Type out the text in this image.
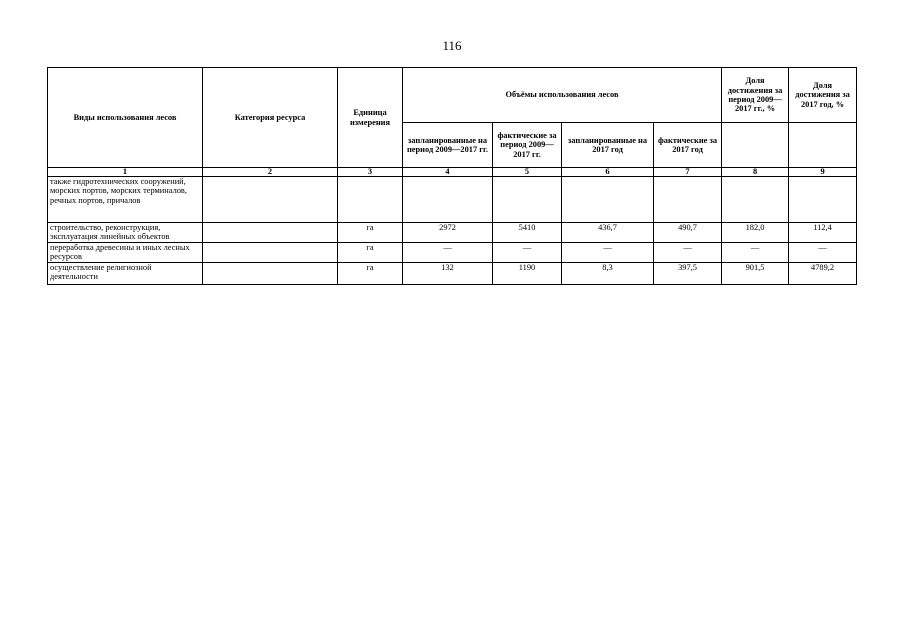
116
Виды использования лесов	Категория ресурса	Единица измерения	Объёмы использования лесов				Доля достижения за период 2009—2017 гг., %	Доля достижения за 2017 год, %
			запланированные на период 2009—2017 гг.	фактические за период 2009—2017 гг.	запланированные на 2017 год	фактические за 2017 год		
1	2	3	4	5	6	7	8	9
также гидротехнических сооружений, морских портов, морских терминалов, речных портов, причалов								
строительство, реконструкция, эксплуатация линейных объектов		га	2972	5410	436,7	490,7	182,0	112,4
переработка древесины и иных лесных ресурсов		га	—	—	—	—	—	—
осуществление религиозной деятельности		га	132	1190	8,3	397,5	901,5	4789,2
